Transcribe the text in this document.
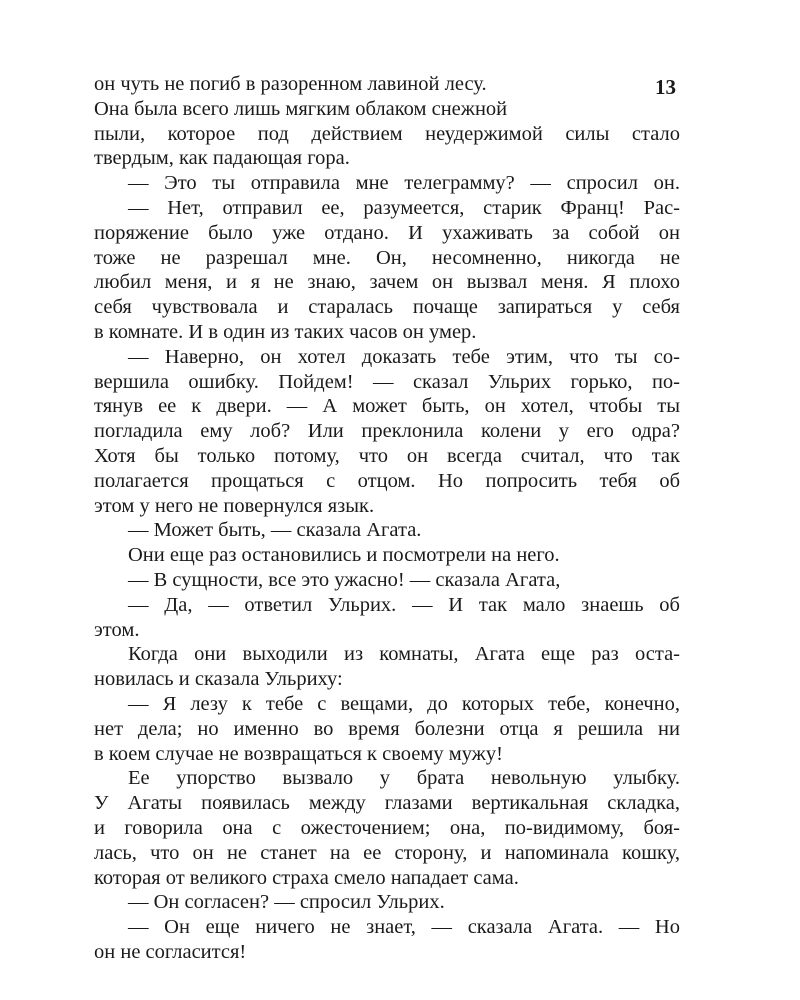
13
он чуть не погиб в разоренном лавиной лесу.
Она была всего лишь мягким облаком снежной
пыли, которое под действием неудержимой силы стало
твердым, как падающая гора.
— Это ты отправила мне телеграмму? — спросил он.
— Нет, отправил ее, разумеется, старик Франц! Рас-
поряжение было уже отдано. И ухаживать за собой он
тоже не разрешал мне. Он, несомненно, никогда не
любил меня, и я не знаю, зачем он вызвал меня. Я плохо
себя чувствовала и старалась почаще запираться у себя
в комнате. И в один из таких часов он умер.
— Наверно, он хотел доказать тебе этим, что ты со-
вершила ошибку. Пойдем! — сказал Ульрих горько, по-
тянув ее к двери. — А может быть, он хотел, чтобы ты
погладила ему лоб? Или преклонила колени у его одра?
Хотя бы только потому, что он всегда считал, что так
полагается прощаться с отцом. Но попросить тебя об
этом у него не повернулся язык.
— Может быть, — сказала Агата.
Они еще раз остановились и посмотрели на него.
— В сущности, все это ужасно! — сказала Агата,
— Да, — ответил Ульрих. — И так мало знаешь об
этом.
Когда они выходили из комнаты, Агата еще раз оста-
новилась и сказала Ульриху:
— Я лезу к тебе с вещами, до которых тебе, конечно,
нет дела; но именно во время болезни отца я решила ни
в коем случае не возвращаться к своему мужу!
Ее упорство вызвало у брата невольную улыбку.
У Агаты появилась между глазами вертикальная складка,
и говорила она с ожесточением; она, по-видимому, боя-
лась, что он не станет на ее сторону, и напоминала кошку,
которая от великого страха смело нападает сама.
— Он согласен? — спросил Ульрих.
— Он еще ничего не знает, — сказала Агата. — Но
он не согласится!
